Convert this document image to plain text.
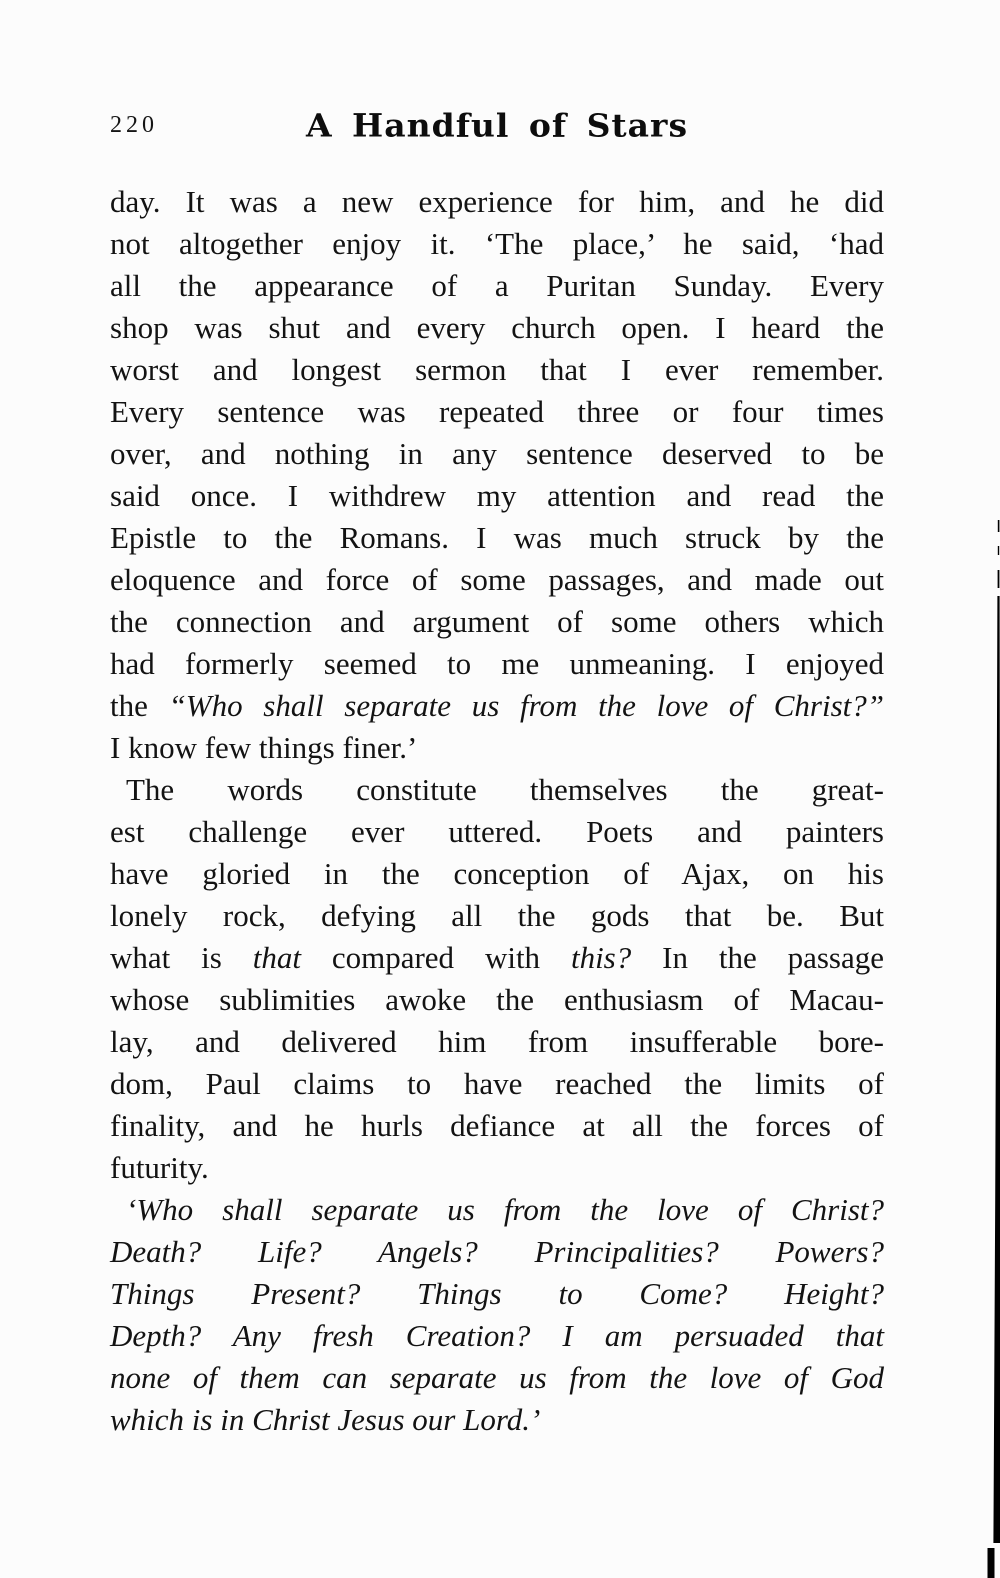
220	A Handful of Stars
day. It was a new experience for him, and he did
not altogether enjoy it. ‘The place,’ he said, ‘had
all the appearance of a Puritan Sunday. Every
shop was shut and every church open. I heard the
worst and longest sermon that I ever remember.
Every sentence was repeated three or four times
over, and nothing in any sentence deserved to be
said once. I withdrew my attention and read the
Epistle to the Romans. I was much struck by the
eloquence and force of some passages, and made out
the connection and argument of some others which
had formerly seemed to me unmeaning. I enjoyed
the “Who shall separate us from the love of Christ?”
I know few things finer.’
The words constitute themselves the great-
est challenge ever uttered. Poets and painters
have gloried in the conception of Ajax, on his
lonely rock, defying all the gods that be. But
what is that compared with this? In the passage
whose sublimities awoke the enthusiasm of Macau-
lay, and delivered him from insufferable bore-
dom, Paul claims to have reached the limits of
finality, and he hurls defiance at all the forces of
futurity.
‘Who shall separate us from the love of Christ?
Death? Life? Angels? Principalities? Powers?
Things Present? Things to Come? Height?
Depth? Any fresh Creation? I am persuaded that
none of them can separate us from the love of God
which is in Christ Jesus our Lord.’
